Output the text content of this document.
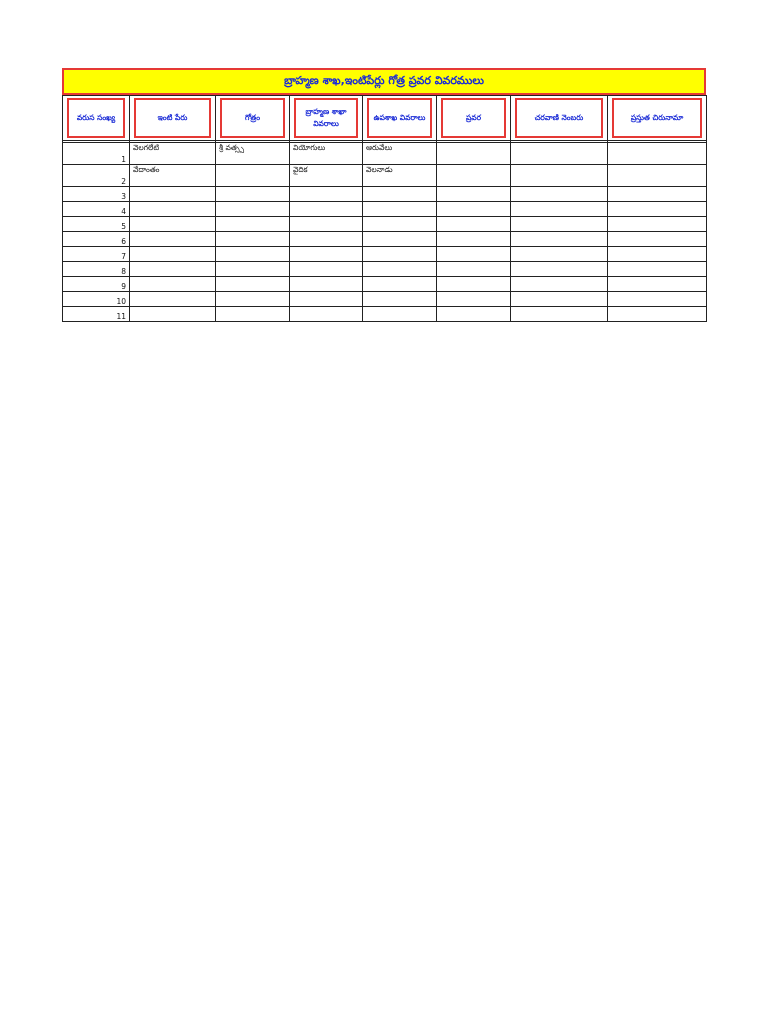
బ్రాహ్మణ శాఖ,ఇంటిపేర్లు గోత్ర ప్రవర వివరములు
వరుస సంఖ్య	ఇంటి పేరు	గోత్రం	బ్రాహ్మణ శాఖా వివరాలు	ఉపశాఖ వివరాలు	ప్రవర	చరవాణి నెంబరు	ప్రస్తుత చిరునామా

1	వెలగలేటి	శ్రీ వత్స్స	వియోగులు	ఆరువేలు			
2	వేదాంతం		వైదిక	వెలనాడు			
3							
4							
5							
6							
7							
8							
9							
10							
11							
